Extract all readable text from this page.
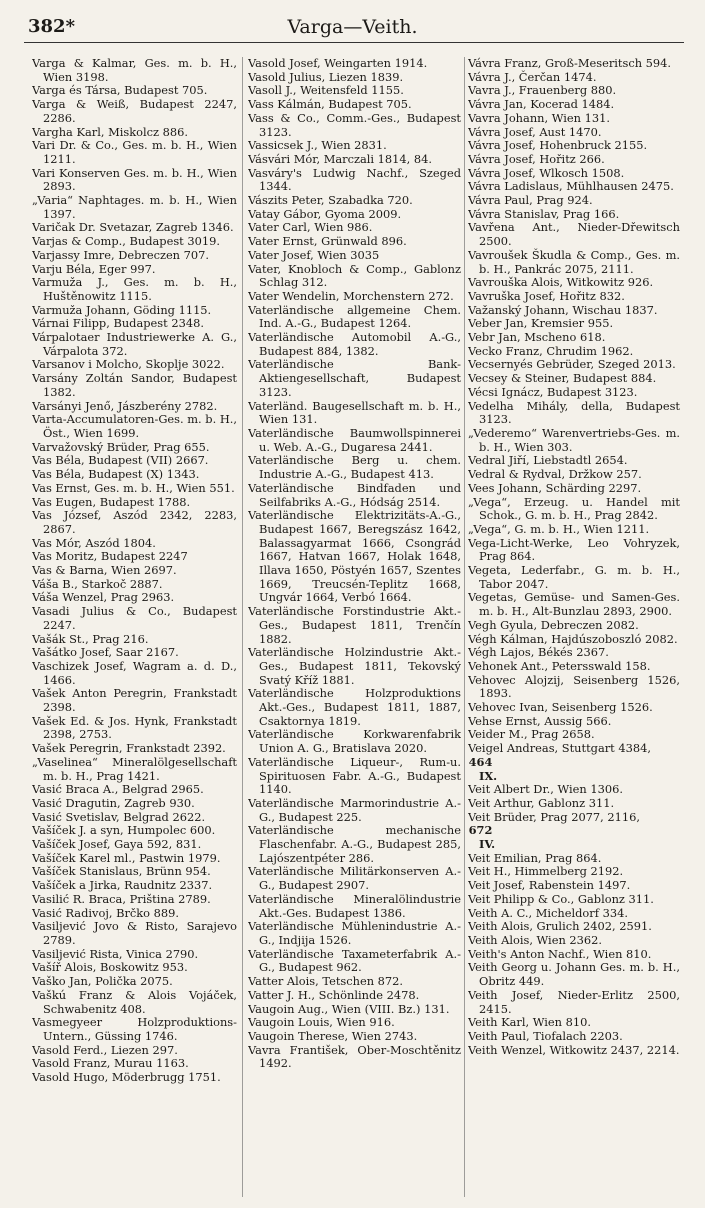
382*	Varga—Veith.

Varga & Kalmar, Ges. m. b. H., Wien 3198.

Varga és Társa, Budapest 705.

Varga & Weiß, Budapest 2247, 2286.

Vargha Karl, Miskolcz 886.

Vari Dr. & Co., Ges. m. b. H., Wien 1211.

Vari Konserven Ges. m. b. H., Wien 2893.

„Varia“ Naphtages. m. b. H., Wien 1397.

Varičak Dr. Svetazar, Zagreb 1346.

Varjas & Comp., Budapest 3019.

Varjassy Imre, Debreczen 707.

Varju Béla, Eger 997.

Varmuža J., Ges. m. b. H., Huštěnowitz 1115.

Varmuža Johann, Göding 1115.

Várnai Filipp, Budapest 2348.

Várpalotaer Industriewerke A. G., Várpalota 372.

Varsanov i Molcho, Skoplje 3022.

Varsány Zoltán Sandor, Budapest 1382.

Varsányi Jenő, Jászberény 2782.

Varta-Accumulatoren-Ges. m. b. H., Öst., Wien 1699.

Varvažovský Brüder, Prag 655.

Vas Béla, Budapest (VII) 2667.

Vas Béla, Budapest (X) 1343.

Vas Ernst, Ges. m. b. H., Wien 551.

Vas Eugen, Budapest 1788.

Vas József, Aszód 2342, 2283, 2867.

Vas Mór, Aszód 1804.

Vas Moritz, Budapest 2247

Vas & Barna, Wien 2697.

Váša B., Starkoč 2887.

Váša Wenzel, Prag 2963.

Vasadi Julius & Co., Budapest 2247.

Vašák St., Prag 216.

Vašátko Josef, Saar 2167.

Vaschizek Josef, Wagram a. d. D., 1466.

Vašek Anton Peregrin, Frankstadt 2398.

Vašek Ed. & Jos. Hynk, Frankstadt 2398, 2753.

Vašek Peregrin, Frankstadt 2392.

„Vaselinea“ Mineralölgesellschaft m. b. H., Prag 1421.

Vasić Braca A., Belgrad 2965.

Vasić Dragutin, Zagreb 930.

Vasić Svetislav, Belgrad 2622.

Vašíček J. a syn, Humpolec 600.

Vašíček Josef, Gaya 592, 831.

Vašíček Karel ml., Pastwin 1979.

Vašíček Stanislaus, Brünn 954.

Vašíček a Jirka, Raudnitz 2337.

Vasilić R. Braca, Priština 2789.

Vasić Radivoj, Brčko 889.

Vasiljević Jovo & Risto, Sarajevo 2789.

Vasiljević Rista, Vinica 2790.

Vašíř Alois, Boskowitz 953.

Vaško Jan, Polička 2075.

Vaškú Franz & Alois Vojáček, Schwabenitz 408.

Vasmegyeer Holzproduktions-Untern., Güssing 1746.

Vasold Ferd., Liezen 297.

Vasold Franz, Murau 1163.

Vasold Hugo, Möderbrugg 1751.

Vasold Josef, Weingarten 1914.

Vasold Julius, Liezen 1839.

Vasoll J., Weitensfeld 1155.

Vass Kálmán, Budapest 705.

Vass & Co., Comm.-Ges., Budapest 3123.

Vassicsek J., Wien 2831.

Vásvári Mór, Marczali 1814, 84.

Vasváry's Ludwig Nachf., Szeged 1344.

Vászits Peter, Szabadka 720.

Vatay Gábor, Gyoma 2009.

Vater Carl, Wien 986.

Vater Ernst, Grünwald 896.

Vater Josef, Wien 3035

Vater, Knobloch & Comp., Gablonz Schlag 312.

Vater Wendelin, Morchenstern 272.

Vaterländische allgemeine Chem. Ind. A.-G., Budapest 1264.

Vaterländische Automobil A.-G., Budapest 884, 1382.

Vaterländische Bank-Aktiengesellschaft, Budapest 3123.

Vaterländ. Baugesellschaft m. b. H., Wien 131.

Vaterländische Baumwollspinnerei u. Web. A.-G., Dugaresa 2441.

Vaterländische Berg u. chem. Industrie A.-G., Budapest 413.

Vaterländische Bindfaden und Seilfabriks A.-G., Hódság 2514.

Vaterländische Elektrizitäts-A.-G., Budapest 1667, Beregszász 1642, Balassagyarmat 1666, Csongrád 1667, Hatvan 1667, Holak 1648, Illava 1650, Pöstyén 1657, Szentes 1669, Treucsén-Teplitz 1668, Ungvár 1664, Verbó 1664.

Vaterländische Forstindustrie Akt.-Ges., Budapest 1811, Trenčín 1882.

Vaterländische Holzindustrie Akt.-Ges., Budapest 1811, Tekovský Svatý Kříž 1881.

Vaterländische Holzproduktions Akt.-Ges., Budapest 1811, 1887, Csaktornya 1819.

Vaterländische Korkwarenfabrik Union A. G., Bratislava 2020.

Vaterländische Liqueur-, Rum-u. Spirituosen Fabr. A.-G., Budapest 1140.

Vaterländische Marmorindustrie A.-G., Budapest 225.

Vaterländische mechanische Flaschenfabr. A.-G., Budapest 285, Lajószentpéter 286.

Vaterländische Militärkonserven A.-G., Budapest 2907.

Vaterländische Mineralölindustrie Akt.-Ges. Budapest 1386.

Vaterländische Mühlenindustrie A.-G., Indjija 1526.

Vaterländische Taxameterfabrik A.-G., Budapest 962.

Vatter Alois, Tetschen 872.

Vatter J. H., Schönlinde 2478.

Vaugoin Aug., Wien (VIII. Bz.) 131.

Vaugoin Louis, Wien 916.

Vaugoin Therese, Wien 2743.

Vavra František, Ober-Moschtěnitz 1492.

Vávra Franz, Groß-Meseritsch 594.

Vávra J., Čerčan 1474.

Vavra J., Frauenberg 880.

Vávra Jan, Kocerad 1484.

Vavra Johann, Wien 131.

Vávra Josef, Aust 1470.

Vávra Josef, Hohenbruck 2155.

Vávra Josef, Hořitz 266.

Vávra Josef, Wlkosch 1508.

Vávra Ladislaus, Mühlhausen 2475.

Vávra Paul, Prag 924.

Vávra Stanislav, Prag 166.

Vavřena Ant., Nieder-Dřewitsch 2500.

Vavroušek Škudla & Comp., Ges. m. b. H., Pankrác 2075, 2111.

Vavrouška Alois, Witkowitz 926.

Vavruška Josef, Hořitz 832.

Važanský Johann, Wischau 1837.

Veber Jan, Kremsier 955.

Vebr Jan, Mscheno 618.

Vecko Franz, Chrudim 1962.

Vecsernyés Gebrüder, Szeged 2013.

Vecsey & Steiner, Budapest 884.

Vécsi Ignácz, Budapest 3123.

Vedelha Mihály, della, Budapest 3123.

„Vederemo“ Warenvertriebs-Ges. m. b. H., Wien 303.

Vedral Jiří, Liebstadtl 2654.

Vedral & Rydval, Držkow 257.

Vees Johann, Schärding 2297.

„Vega“, Erzeug. u. Handel mit Schok., G. m. b. H., Prag 2842.

„Vega“, G. m. b. H., Wien 1211.

Vega-Licht-Werke, Leo Vohryzek, Prag 864.

Vegeta, Lederfabr., G. m. b. H., Tabor 2047.

Vegetas, Gemüse- und Samen-Ges. m. b. H., Alt-Bunzlau 2893, 2900.

Vegh Gyula, Debreczen 2082.

Végh Kálman, Hajdúszoboszló 2082.

Végh Lajos, Békés 2367.

Vehonek Ant., Petersswald 158.

Vehovec Alojzij, Seisenberg 1526, 1893.

Vehovec Ivan, Seisenberg 1526.

Vehse Ernst, Aussig 566.

Veider M., Prag 2658.

Veigel Andreas, Stuttgart 4384,

464 IX.

Veit Albert Dr., Wien 1306.

Veit Arthur, Gablonz 311.

Veit Brüder, Prag 2077, 2116,

672 IV.

Veit Emilian, Prag 864.

Veit H., Himmelberg 2192.

Veit Josef, Rabenstein 1497.

Veit Philipp & Co., Gablonz 311.

Veith A. C., Micheldorf 334.

Veith Alois, Grulich 2402, 2591.

Veith Alois, Wien 2362.

Veith's Anton Nachf., Wien 810.

Veith Georg u. Johann Ges. m. b. H., Obritz 449.

Veith Josef, Nieder-Erlitz 2500, 2415.

Veith Karl, Wien 810.

Veith Paul, Tiofalach 2203.

Veith Wenzel, Witkowitz 2437, 2214.
